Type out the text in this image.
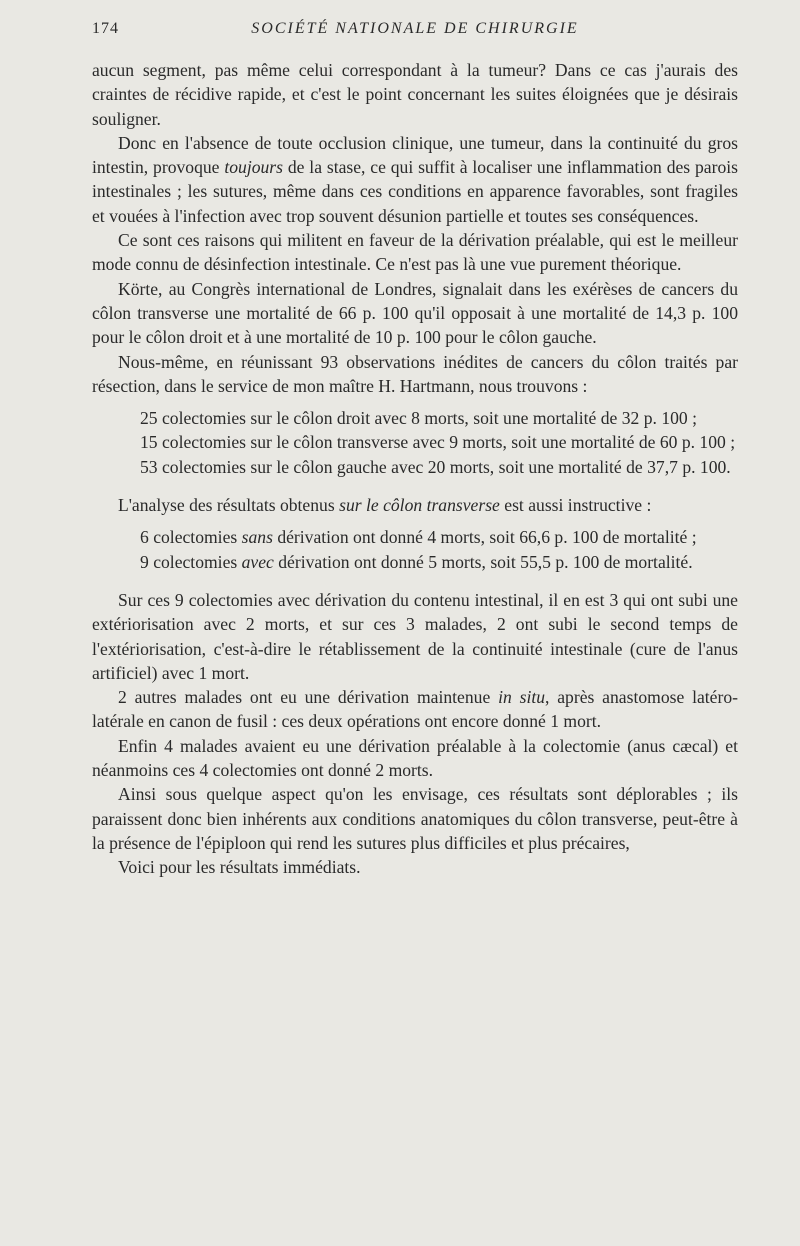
174	SOCIÉTÉ NATIONALE DE CHIRURGIE

aucun segment, pas même celui correspondant à la tumeur? Dans ce cas j'aurais des craintes de récidive rapide, et c'est le point concernant les suites éloignées que je désirais souligner.

Donc en l'absence de toute occlusion clinique, une tumeur, dans la continuité du gros intestin, provoque toujours de la stase, ce qui suffit à localiser une inflammation des parois intestinales ; les sutures, même dans ces conditions en apparence favorables, sont fragiles et vouées à l'infection avec trop souvent désunion partielle et toutes ses conséquences.

Ce sont ces raisons qui militent en faveur de la dérivation préalable, qui est le meilleur mode connu de désinfection intestinale. Ce n'est pas là une vue purement théorique.

Körte, au Congrès international de Londres, signalait dans les exérèses de cancers du côlon transverse une mortalité de 66 p. 100 qu'il opposait à une mortalité de 14,3 p. 100 pour le côlon droit et à une mortalité de 10 p. 100 pour le côlon gauche.

Nous-même, en réunissant 93 observations inédites de cancers du côlon traités par résection, dans le service de mon maître H. Hartmann, nous trouvons :

25 colectomies sur le côlon droit avec 8 morts, soit une mortalité de 32 p. 100 ;

15 colectomies sur le côlon transverse avec 9 morts, soit une mortalité de 60 p. 100 ;

53 colectomies sur le côlon gauche avec 20 morts, soit une mortalité de 37,7 p. 100.

L'analyse des résultats obtenus sur le côlon transverse est aussi instructive :

6 colectomies sans dérivation ont donné 4 morts, soit 66,6 p. 100 de mortalité ;

9 colectomies avec dérivation ont donné 5 morts, soit 55,5 p. 100 de mortalité.

Sur ces 9 colectomies avec dérivation du contenu intestinal, il en est 3 qui ont subi une extériorisation avec 2 morts, et sur ces 3 malades, 2 ont subi le second temps de l'extériorisation, c'est-à-dire le rétablissement de la continuité intestinale (cure de l'anus artificiel) avec 1 mort.

2 autres malades ont eu une dérivation maintenue in situ, après anastomose latéro-latérale en canon de fusil : ces deux opérations ont encore donné 1 mort.

Enfin 4 malades avaient eu une dérivation préalable à la colectomie (anus cæcal) et néanmoins ces 4 colectomies ont donné 2 morts.

Ainsi sous quelque aspect qu'on les envisage, ces résultats sont déplorables ; ils paraissent donc bien inhérents aux conditions anatomiques du côlon transverse, peut-être à la présence de l'épiploon qui rend les sutures plus difficiles et plus précaires,

Voici pour les résultats immédiats.
